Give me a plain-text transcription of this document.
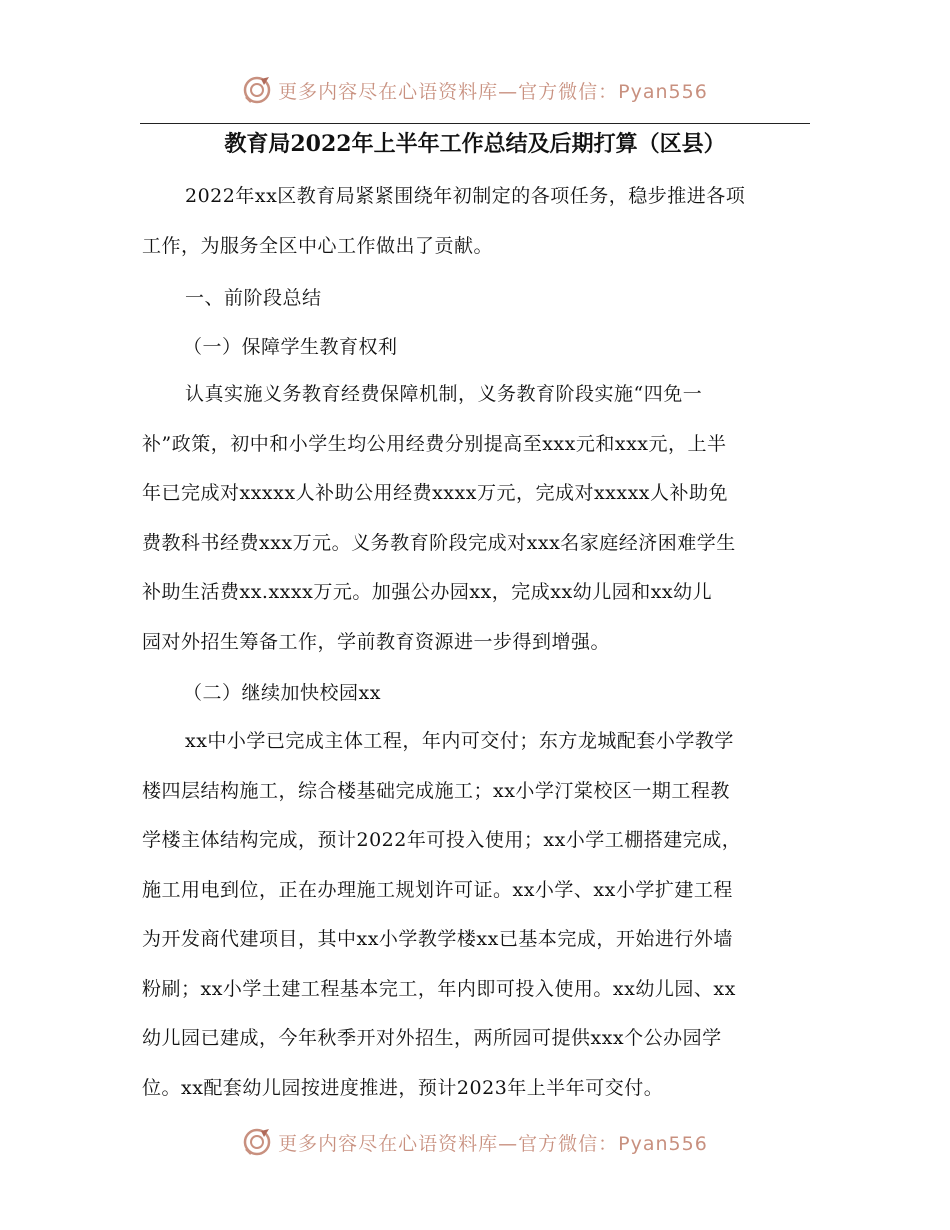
更多内容尽在心语资料库—官方微信：Pyan556
教育局2022年上半年工作总结及后期打算（区县）
2022年xx区教育局紧紧围绕年初制定的各项任务，稳步推进各项
工作，为服务全区中心工作做出了贡献。
一、前阶段总结
（一）保障学生教育权利
认真实施义务教育经费保障机制，义务教育阶段实施“四免一
补”政策，初中和小学生均公用经费分别提高至xxx元和xxx元，上半
年已完成对xxxxx人补助公用经费xxxx万元，完成对xxxxx人补助免
费教科书经费xxx万元。义务教育阶段完成对xxx名家庭经济困难学生
补助生活费xx.xxxx万元。加强公办园xx，完成xx幼儿园和xx幼儿
园对外招生筹备工作，学前教育资源进一步得到增强。
（二）继续加快校园xx
xx中小学已完成主体工程，年内可交付；东方龙城配套小学教学
楼四层结构施工，综合楼基础完成施工；xx小学汀棠校区一期工程教
学楼主体结构完成，预计2022年可投入使用；xx小学工棚搭建完成，
施工用电到位，正在办理施工规划许可证。xx小学、xx小学扩建工程
为开发商代建项目，其中xx小学教学楼xx已基本完成，开始进行外墙
粉刷；xx小学土建工程基本完工，年内即可投入使用。xx幼儿园、xx
幼儿园已建成，今年秋季开对外招生，两所园可提供xxx个公办园学
位。xx配套幼儿园按进度推进，预计2023年上半年可交付。
更多内容尽在心语资料库—官方微信：Pyan556
